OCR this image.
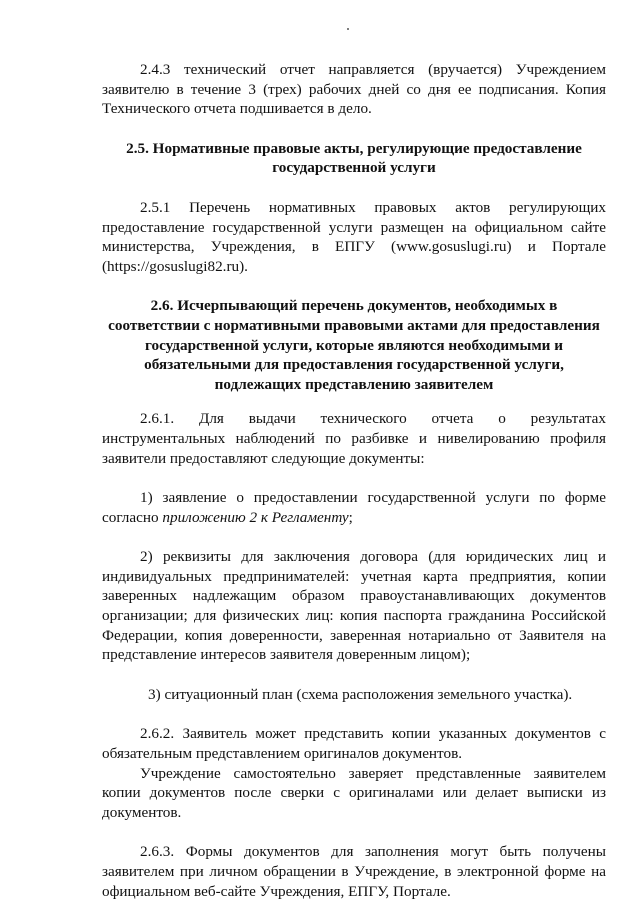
2.4.3 технический отчет направляется (вручается) Учреждением заявителю в течение 3 (трех) рабочих дней со дня ее подписания. Копия Технического отчета подшивается в дело.

2.5. Нормативные правовые акты, регулирующие предоставление государственной услуги

2.5.1 Перечень нормативных правовых актов регулирующих предоставление государственной услуги размещен на официальном сайте министерства, Учреждения, в ЕПГУ (www.gosuslugi.ru) и Портале (https://gosuslugi82.ru).

2.6. Исчерпывающий перечень документов, необходимых в соответствии с нормативными правовыми актами для предоставления государственной услуги, которые являются необходимыми и обязательными для предоставления государственной услуги, подлежащих представлению заявителем

2.6.1. Для выдачи технического отчета о результатах инструментальных наблюдений по разбивке и нивелированию профиля заявители предоставляют следующие документы:

1) заявление о предоставлении государственной услуги по форме согласно приложению 2 к Регламенту;

2) реквизиты для заключения договора (для юридических лиц и индивидуальных предпринимателей: учетная карта предприятия, копии заверенных надлежащим образом правоустанавливающих документов организации; для физических лиц: копия паспорта гражданина Российской Федерации, копия доверенности, заверенная нотариально от Заявителя на представление интересов заявителя доверенным лицом);

3) ситуационный план (схема расположения земельного участка).

2.6.2. Заявитель может представить копии указанных документов с обязательным представлением оригиналов документов.

Учреждение самостоятельно заверяет представленные заявителем копии документов после сверки с оригиналами или делает выписки из документов.

2.6.3. Формы документов для заполнения могут быть получены заявителем при личном обращении в Учреждение, в электронной форме на официальном веб-сайте Учреждения, ЕПГУ, Порталe.
